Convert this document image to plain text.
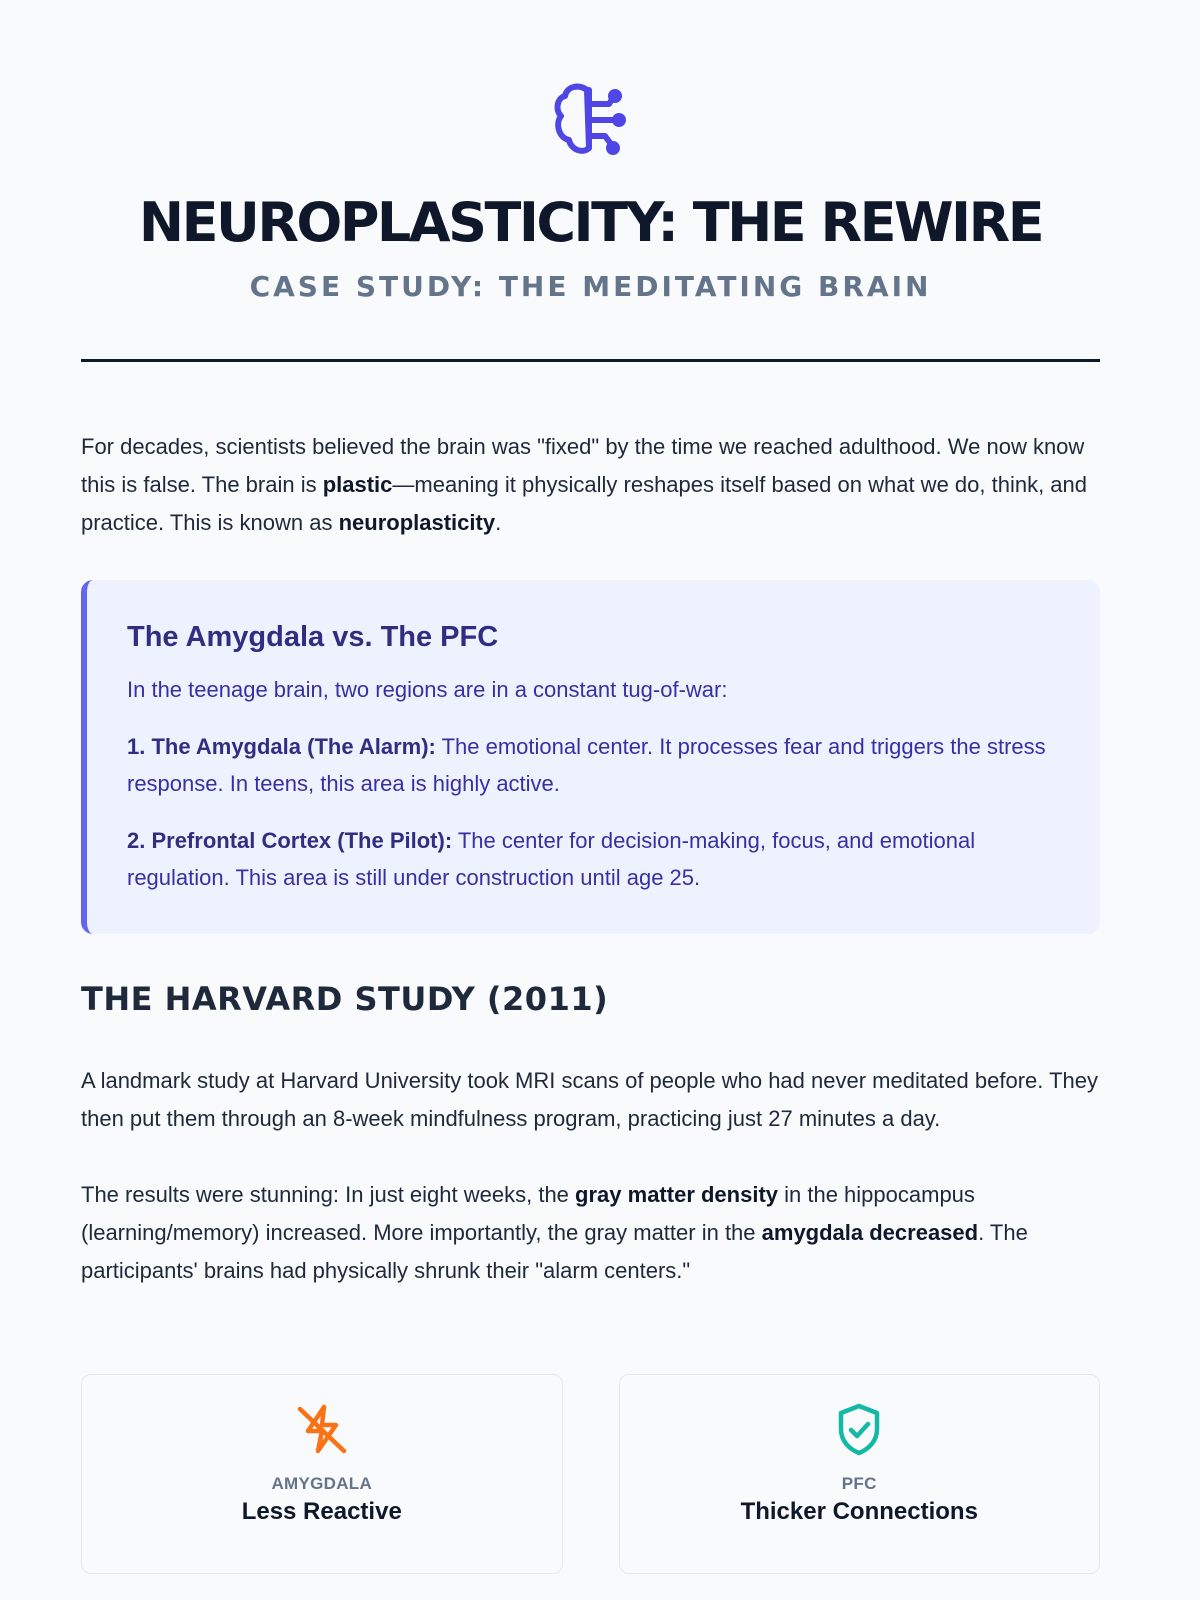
NEUROPLASTICITY: THE REWIRE
CASE STUDY: THE MEDITATING BRAIN

For decades, scientists believed the brain was "fixed" by the time we reached adulthood. We now know this is false. The brain is plastic—meaning it physically reshapes itself based on what we do, think, and practice. This is known as neuroplasticity.

The Amygdala vs. The PFC

In the teenage brain, two regions are in a constant tug-of-war:

1. The Amygdala (The Alarm): The emotional center. It processes fear and triggers the stress response. In teens, this area is highly active.

2. Prefrontal Cortex (The Pilot): The center for decision-making, focus, and emotional regulation. This area is still under construction until age 25.

THE HARVARD STUDY (2011)

A landmark study at Harvard University took MRI scans of people who had never meditated before. They then put them through an 8-week mindfulness program, practicing just 27 minutes a day.

The results were stunning: In just eight weeks, the gray matter density in the hippocampus (learning/memory) increased. More importantly, the gray matter in the amygdala decreased. The participants' brains had physically shrunk their "alarm centers."

AMYGDALA
Less Reactive
PFC
Thicker Connections
